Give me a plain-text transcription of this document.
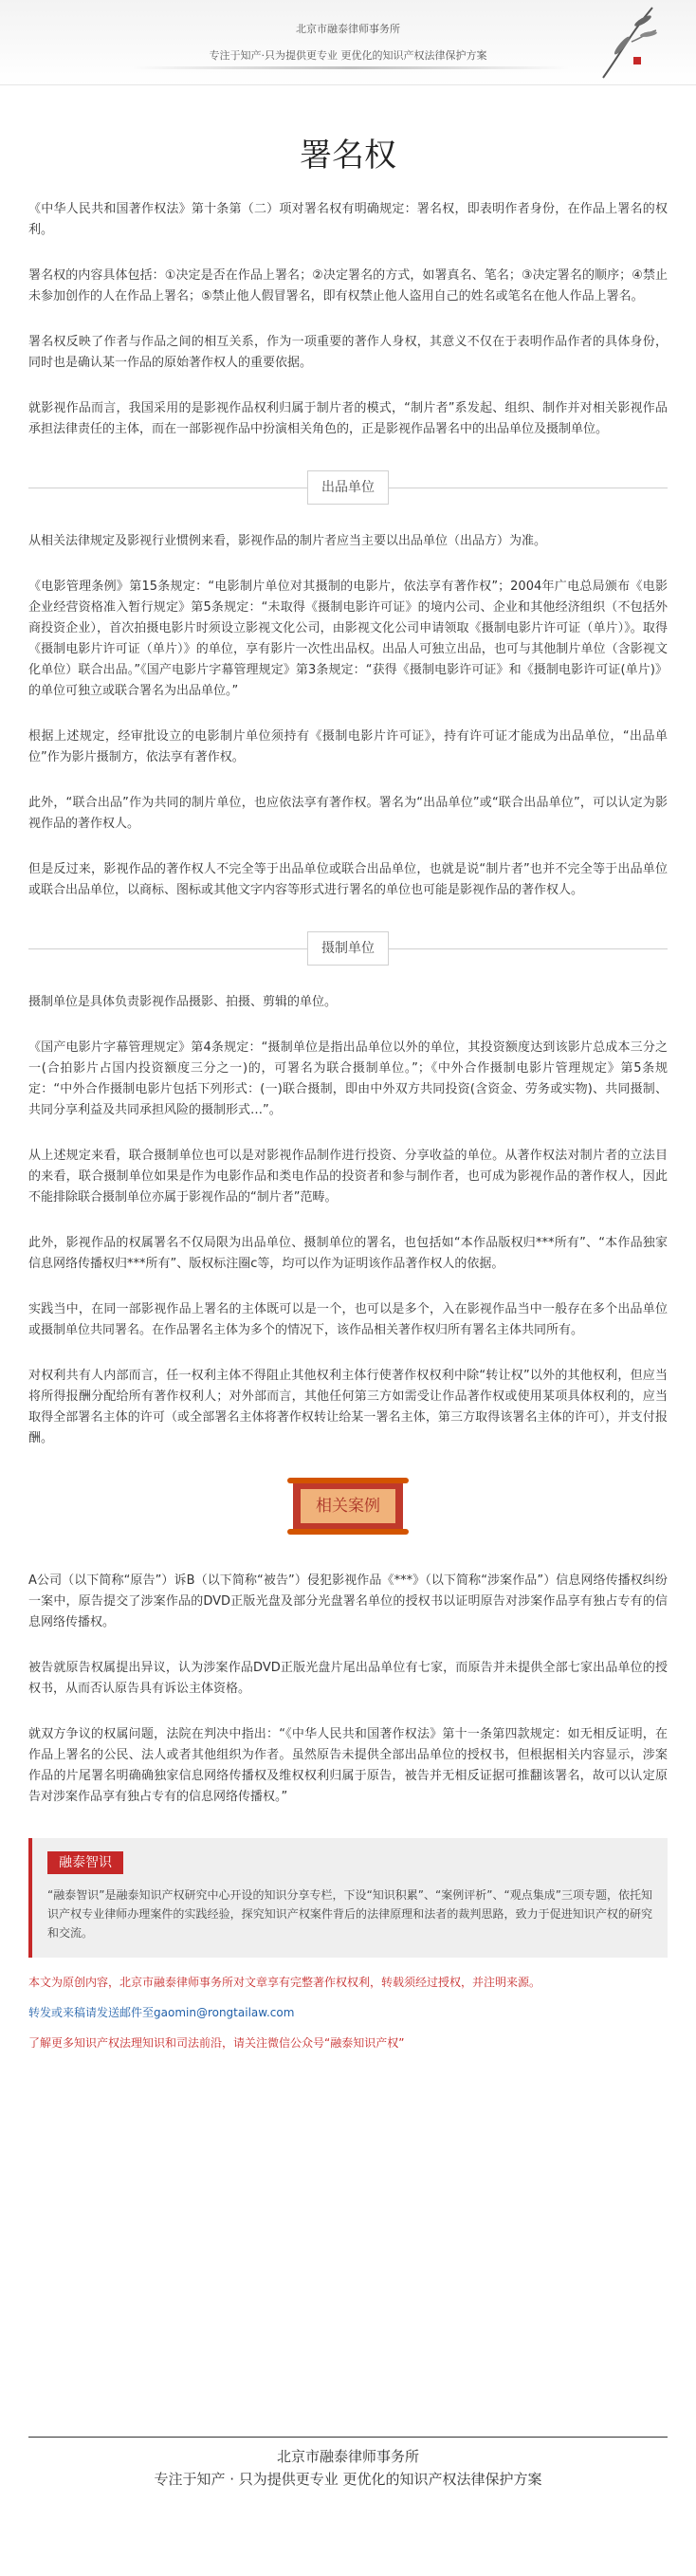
北京市融泰律师事务所
专注于知产·只为提供更专业 更优化的知识产权法律保护方案
署名权

《中华人民共和国著作权法》第十条第（二）项对署名权有明确规定：署名权，即表明作者身份，在作品上署名的权利。

署名权的内容具体包括：①决定是否在作品上署名；②决定署名的方式，如署真名、笔名；③决定署名的顺序；④禁止未参加创作的人在作品上署名；⑤禁止他人假冒署名，即有权禁止他人盗用自己的姓名或笔名在他人作品上署名。

署名权反映了作者与作品之间的相互关系，作为一项重要的著作人身权，其意义不仅在于表明作品作者的具体身份，同时也是确认某一作品的原始著作权人的重要依据。

就影视作品而言，我国采用的是影视作品权利归属于制片者的模式，“制片者”系发起、组织、制作并对相关影视作品承担法律责任的主体，而在一部影视作品中扮演相关角色的，正是影视作品署名中的出品单位及摄制单位。

出品单位

从相关法律规定及影视行业惯例来看，影视作品的制片者应当主要以出品单位（出品方）为准。

《电影管理条例》第15条规定：“电影制片单位对其摄制的电影片，依法享有著作权”；2004年广电总局颁布《电影企业经营资格准入暂行规定》第5条规定：“未取得《摄制电影许可证》的境内公司、企业和其他经济组织（不包括外商投资企业），首次拍摄电影片时须设立影视文化公司，由影视文化公司申请领取《摄制电影片许可证（单片）》。取得《摄制电影片许可证（单片）》的单位，享有影片一次性出品权。出品人可独立出品，也可与其他制片单位（含影视文化单位）联合出品。”《国产电影片字幕管理规定》第3条规定：“获得《摄制电影许可证》和《摄制电影许可证(单片)》的单位可独立或联合署名为出品单位。”

根据上述规定，经审批设立的电影制片单位须持有《摄制电影片许可证》，持有许可证才能成为出品单位，“出品单位”作为影片摄制方，依法享有著作权。

此外，“联合出品”作为共同的制片单位，也应依法享有著作权。署名为“出品单位”或“联合出品单位”，可以认定为影视作品的著作权人。

但是反过来，影视作品的著作权人不完全等于出品单位或联合出品单位，也就是说“制片者”也并不完全等于出品单位或联合出品单位，以商标、图标或其他文字内容等形式进行署名的单位也可能是影视作品的著作权人。

摄制单位

摄制单位是具体负责影视作品摄影、拍摄、剪辑的单位。

《国产电影片字幕管理规定》第4条规定：“摄制单位是指出品单位以外的单位，其投资额度达到该影片总成本三分之一(合拍影片占国内投资额度三分之一)的，可署名为联合摄制单位。”；《中外合作摄制电影片管理规定》第5条规定：“中外合作摄制电影片包括下列形式：(一)联合摄制，即由中外双方共同投资(含资金、劳务或实物)、共同摄制、共同分享利益及共同承担风险的摄制形式…”。

从上述规定来看，联合摄制单位也可以是对影视作品制作进行投资、分享收益的单位。从著作权法对制片者的立法目的来看，联合摄制单位如果是作为电影作品和类电作品的投资者和参与制作者，也可成为影视作品的著作权人，因此不能排除联合摄制单位亦属于影视作品的“制片者”范畴。

此外，影视作品的权属署名不仅局限为出品单位、摄制单位的署名，也包括如“本作品版权归***所有”、“本作品独家信息网络传播权归***所有”、版权标注圈c等，均可以作为证明该作品著作权人的依据。

实践当中，在同一部影视作品上署名的主体既可以是一个，也可以是多个，入在影视作品当中一般存在多个出品单位或摄制单位共同署名。在作品署名主体为多个的情况下，该作品相关著作权归所有署名主体共同所有。

对权利共有人内部而言，任一权利主体不得阻止其他权利主体行使著作权权利中除“转让权”以外的其他权利，但应当将所得报酬分配给所有著作权利人；对外部而言，其他任何第三方如需受让作品著作权或使用某项具体权利的，应当取得全部署名主体的许可（或全部署名主体将著作权转让给某一署名主体，第三方取得该署名主体的许可），并支付报酬。

相关案例

A公司（以下简称“原告”）诉B（以下简称“被告”）侵犯影视作品《***》（以下简称“涉案作品”）信息网络传播权纠纷一案中，原告提交了涉案作品的DVD正版光盘及部分光盘署名单位的授权书以证明原告对涉案作品享有独占专有的信息网络传播权。

被告就原告权属提出异议，认为涉案作品DVD正版光盘片尾出品单位有七家，而原告并未提供全部七家出品单位的授权书，从而否认原告具有诉讼主体资格。

就双方争议的权属问题，法院在判决中指出：“《中华人民共和国著作权法》第十一条第四款规定：如无相反证明，在作品上署名的公民、法人或者其他组织为作者。虽然原告未提供全部出品单位的授权书，但根据相关内容显示，涉案作品的片尾署名明确确独家信息网络传播权及维权权利归属于原告，被告并无相反证据可推翻该署名，故可以认定原告对涉案作品享有独占专有的信息网络传播权。”

融泰智识

“融泰智识”是融泰知识产权研究中心开设的知识分享专栏，下设“知识积累”、“案例评析”、“观点集成”三项专题，依托知识产权专业律师办理案件的实践经验，探究知识产权案件背后的法律原理和法者的裁判思路，致力于促进知识产权的研究和交流。

本文为原创内容，北京市融泰律师事务所对文章享有完整著作权权利，转载须经过授权，并注明来源。

转发或来稿请发送邮件至gaomin@rongtailaw.com

了解更多知识产权法理知识和司法前沿，请关注微信公众号“融泰知识产权”

北京市融泰律师事务所
专注于知产 · 只为提供更专业 更优化的知识产权法律保护方案
